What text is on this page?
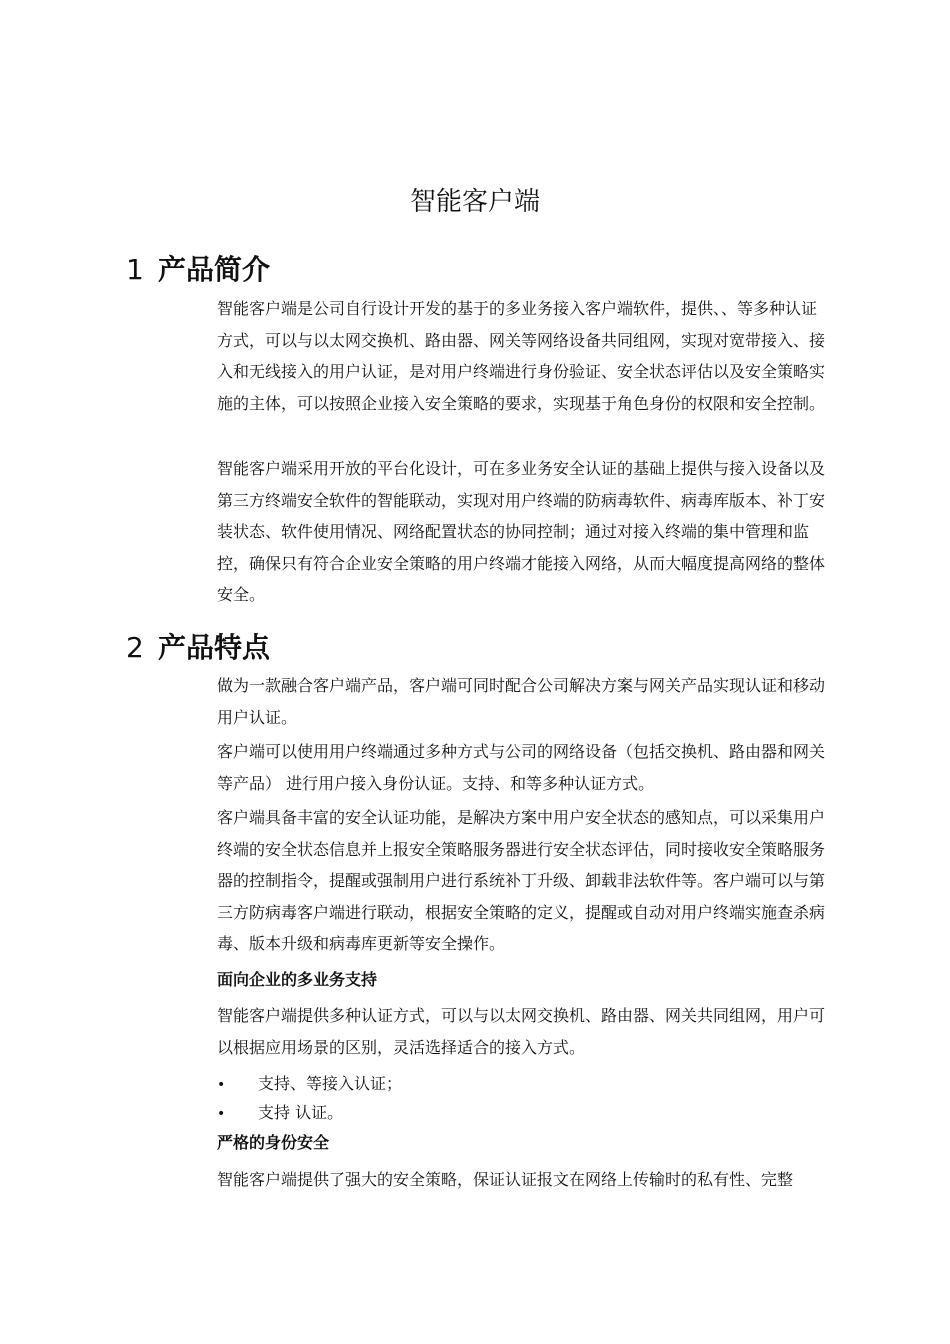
智能客户端
1 产品简介

智能客户端是公司自行设计开发的基于的多业务接入客户端软件，提供、、等多种认证方式，可以与以太网交换机、路由器、网关等网络设备共同组网，实现对宽带接入、接入和无线接入的用户认证，是对用户终端进行身份验证、安全状态评估以及安全策略实施的主体，可以按照企业接入安全策略的要求，实现基于角色身份的权限和安全控制。

智能客户端采用开放的平台化设计，可在多业务安全认证的基础上提供与接入设备以及第三方终端安全软件的智能联动，实现对用户终端的防病毒软件、病毒库版本、补丁安装状态、软件使用情况、网络配置状态的协同控制；通过对接入终端的集中管理和监控，确保只有符合企业安全策略的用户终端才能接入网络，从而大幅度提高网络的整体安全。

2 产品特点

做为一款融合客户端产品，客户端可同时配合公司解决方案与网关产品实现认证和移动用户认证。

客户端可以使用用户终端通过多种方式与公司的网络设备（包括交换机、路由器和网关等产品） 进行用户接入身份认证。支持、和等多种认证方式。

客户端具备丰富的安全认证功能，是解决方案中用户安全状态的感知点，可以采集用户终端的安全状态信息并上报安全策略服务器进行安全状态评估，同时接收安全策略服务器的控制指令，提醒或强制用户进行系统补丁升级、卸载非法软件等。客户端可以与第三方防病毒客户端进行联动，根据安全策略的定义，提醒或自动对用户终端实施查杀病毒、版本升级和病毒库更新等安全操作。

面向企业的多业务支持

智能客户端提供多种认证方式，可以与以太网交换机、路由器、网关共同组网，用户可以根据应用场景的区别，灵活选择适合的接入方式。

• 支持、等接入认证；
• 支持 认证。
严格的身份安全

智能客户端提供了强大的安全策略，保证认证报文在网络上传输时的私有性、完整
